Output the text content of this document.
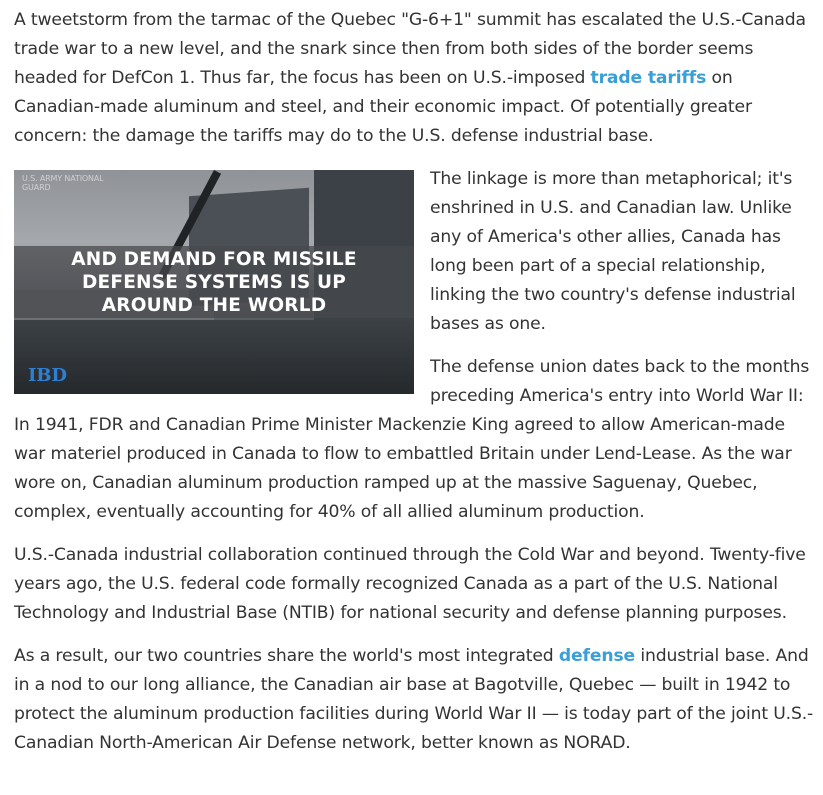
A tweetstorm from the tarmac of the Quebec "G-6+1" summit has escalated the U.S.-Canada trade war to a new level, and the snark since then from both sides of the border seems headed for DefCon 1. Thus far, the focus has been on U.S.-imposed trade tariffs on Canadian-made aluminum and steel, and their economic impact. Of potentially greater concern: the damage the tariffs may do to the U.S. defense industrial base.

U.S. ARMY NATIONAL GUARD
AND DEMAND FOR MISSILE DEFENSE SYSTEMS IS UP AROUND THE WORLD
IBD

The linkage is more than metaphorical; it's enshrined in U.S. and Canadian law. Unlike any of America's other allies, Canada has long been part of a special relationship, linking the two country's defense industrial bases as one.

The defense union dates back to the months preceding America's entry into World War II: In 1941, FDR and Canadian Prime Minister Mackenzie King agreed to allow American-made war materiel produced in Canada to flow to embattled Britain under Lend-Lease. As the war wore on, Canadian aluminum production ramped up at the massive Saguenay, Quebec, complex, eventually accounting for 40% of all allied aluminum production.

U.S.-Canada industrial collaboration continued through the Cold War and beyond. Twenty-five years ago, the U.S. federal code formally recognized Canada as a part of the U.S. National Technology and Industrial Base (NTIB) for national security and defense planning purposes.

As a result, our two countries share the world's most integrated defense industrial base. And in a nod to our long alliance, the Canadian air base at Bagotville, Quebec — built in 1942 to protect the aluminum production facilities during World War II — is today part of the joint U.S.-Canadian North-American Air Defense network, better known as NORAD.
